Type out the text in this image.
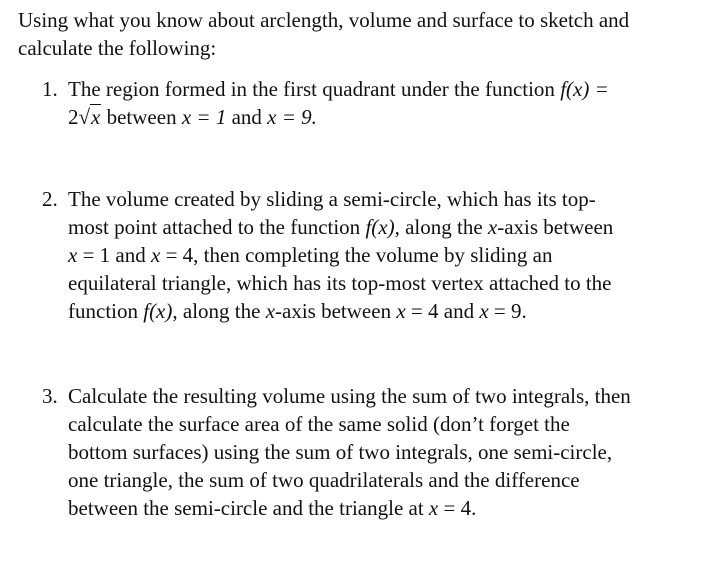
Using what you know about arclength, volume and surface to sketch and
calculate the following:
1. The region formed in the first quadrant under the function f(x) =
2√x between x = 1 and x = 9.
2. The volume created by sliding a semi-circle, which has its top-
most point attached to the function f(x), along the x-axis between
x = 1 and x = 4, then completing the volume by sliding an
equilateral triangle, which has its top-most vertex attached to the
function f(x), along the x-axis between x = 4 and x = 9.
3. Calculate the resulting volume using the sum of two integrals, then
calculate the surface area of the same solid (don’t forget the
bottom surfaces) using the sum of two integrals, one semi-circle,
one triangle, the sum of two quadrilaterals and the difference
between the semi-circle and the triangle at x = 4.
